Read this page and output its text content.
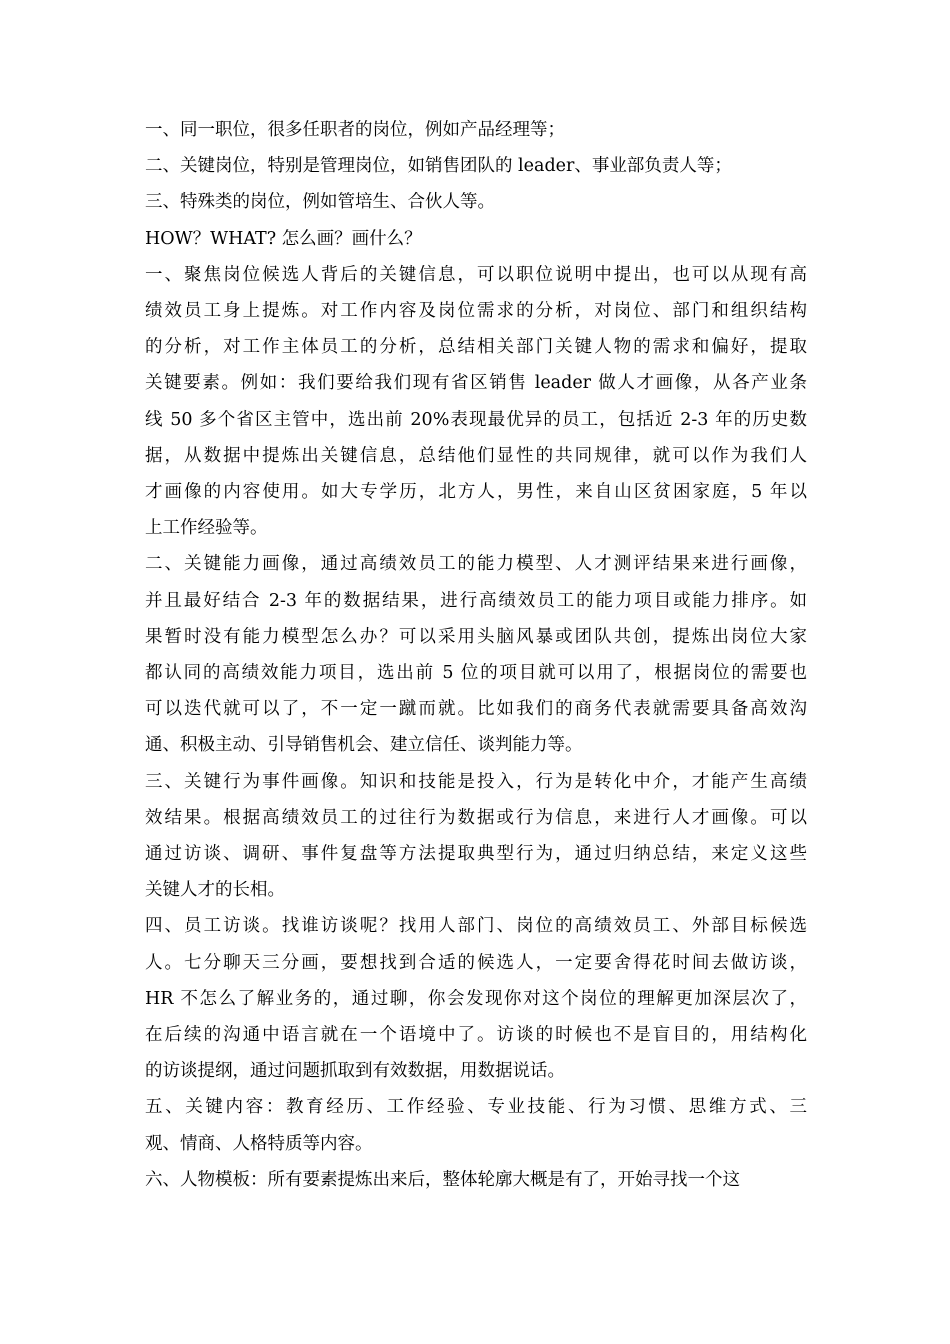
一、同一职位，很多任职者的岗位，例如产品经理等；
二、关键岗位，特别是管理岗位，如销售团队的 leader、事业部负责人等；
三、特殊类的岗位，例如管培生、合伙人等。
HOW？WHAT? 怎么画？画什么？
一、聚焦岗位候选人背后的关键信息，可以职位说明中提出，也可以从现有高
绩效员工身上提炼。对工作内容及岗位需求的分析，对岗位、部门和组织结构
的分析，对工作主体员工的分析，总结相关部门关键人物的需求和偏好，提取
关键要素。例如：我们要给我们现有省区销售 leader 做人才画像，从各产业条
线 50 多个省区主管中，选出前 20%表现最优异的员工，包括近 2-3 年的历史数
据，从数据中提炼出关键信息，总结他们显性的共同规律，就可以作为我们人
才画像的内容使用。如大专学历，北方人，男性，来自山区贫困家庭，5 年以
上工作经验等。
二、关键能力画像，通过高绩效员工的能力模型、人才测评结果来进行画像，
并且最好结合 2-3 年的数据结果，进行高绩效员工的能力项目或能力排序。如
果暂时没有能力模型怎么办？可以采用头脑风暴或团队共创，提炼出岗位大家
都认同的高绩效能力项目，选出前 5 位的项目就可以用了，根据岗位的需要也
可以迭代就可以了，不一定一蹴而就。比如我们的商务代表就需要具备高效沟
通、积极主动、引导销售机会、建立信任、谈判能力等。
三、关键行为事件画像。知识和技能是投入，行为是转化中介，才能产生高绩
效结果。根据高绩效员工的过往行为数据或行为信息，来进行人才画像。可以
通过访谈、调研、事件复盘等方法提取典型行为，通过归纳总结，来定义这些
关键人才的长相。
四、员工访谈。找谁访谈呢？找用人部门、岗位的高绩效员工、外部目标候选
人。七分聊天三分画，要想找到合适的候选人，一定要舍得花时间去做访谈，
HR 不怎么了解业务的，通过聊，你会发现你对这个岗位的理解更加深层次了，
在后续的沟通中语言就在一个语境中了。访谈的时候也不是盲目的，用结构化
的访谈提纲，通过问题抓取到有效数据，用数据说话。
五、关键内容：教育经历、工作经验、专业技能、行为习惯、思维方式、三
观、情商、人格特质等内容。
六、人物模板：所有要素提炼出来后，整体轮廓大概是有了，开始寻找一个这
